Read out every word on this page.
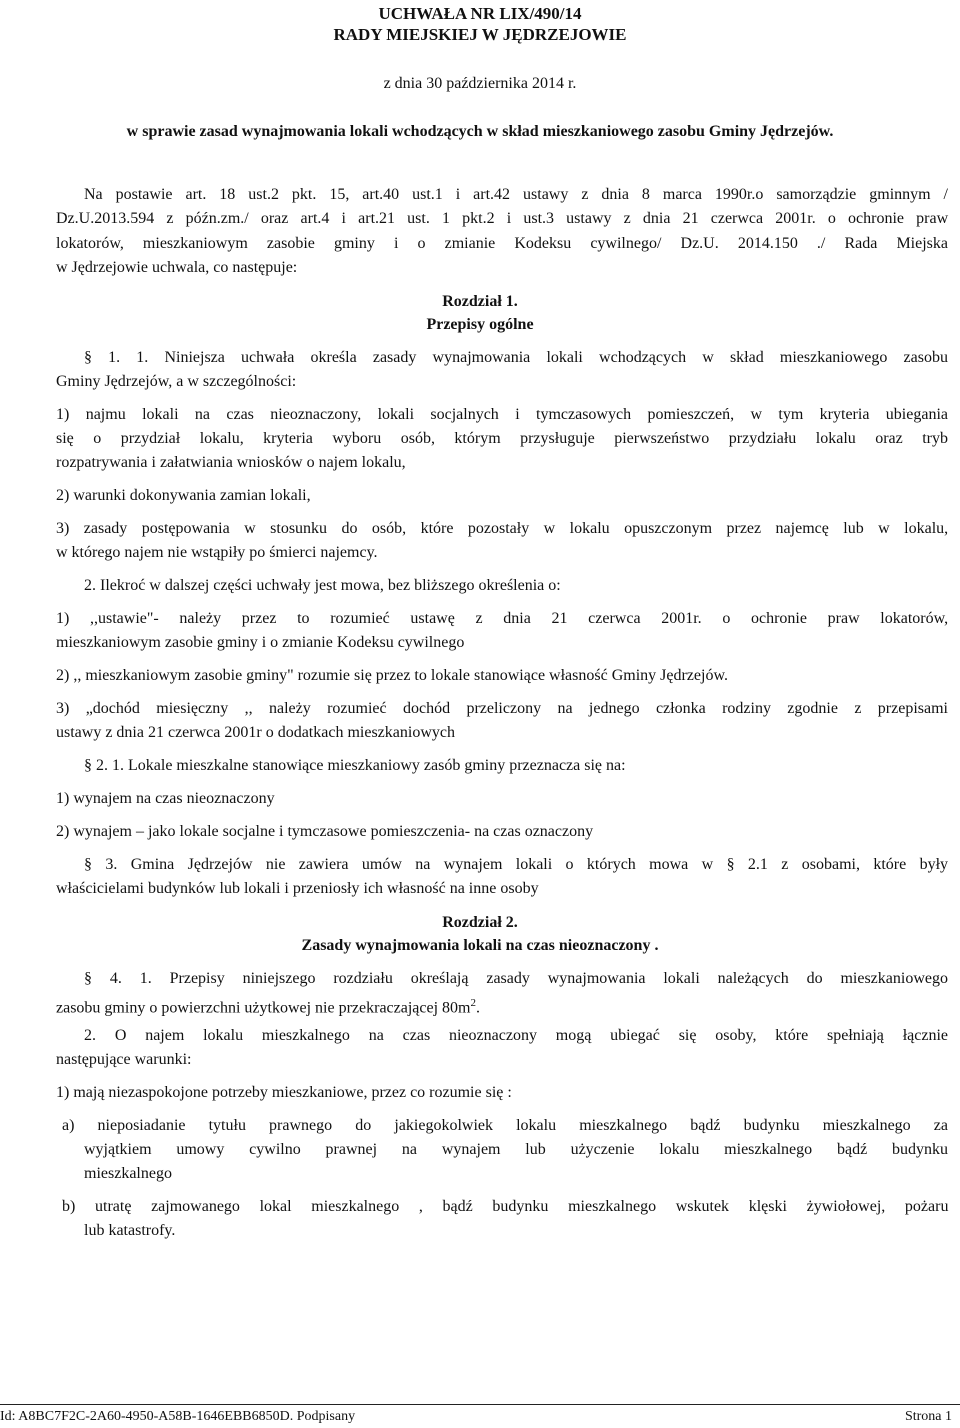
UCHWAŁA NR LIX/490/14
RADY MIEJSKIEJ W JĘDRZEJOWIE
z dnia 30 października 2014 r.
w sprawie zasad wynajmowania lokali wchodzących w skład mieszkaniowego zasobu Gminy Jędrzejów.
Na postawie art. 18 ust.2 pkt. 15, art.40 ust.1 i art.42 ustawy z dnia 8 marca 1990r.o samorządzie gminnym /
Dz.U.2013.594 z późn.zm./ oraz art.4 i art.21 ust. 1 pkt.2 i ust.3 ustawy z dnia 21 czerwca 2001r. o ochronie praw
lokatorów, mieszkaniowym zasobie gminy i o zmianie Kodeksu cywilnego/ Dz.U. 2014.150 ./ Rada Miejska
w Jędrzejowie uchwala, co następuje:
Rozdział 1.
Przepisy ogólne
§ 1. 1. Niniejsza uchwała określa zasady wynajmowania lokali wchodzących w skład mieszkaniowego zasobu
Gminy Jędrzejów, a w szczególności:
1) najmu lokali na czas nieoznaczony, lokali socjalnych i tymczasowych pomieszczeń, w tym kryteria ubiegania
się o przydział lokalu, kryteria wyboru osób, którym przysługuje pierwszeństwo przydziału lokalu oraz tryb
rozpatrywania i załatwiania wniosków o najem lokalu,
2) warunki dokonywania zamian lokali,
3) zasady postępowania w stosunku do osób, które pozostały w lokalu opuszczonym przez najemcę lub w lokalu,
w którego najem nie wstąpiły po śmierci najemcy.
2. Ilekroć w dalszej części uchwały jest mowa, bez bliższego określenia o:
1) ,,ustawie"- należy przez to rozumieć ustawę z dnia 21 czerwca 2001r. o ochronie praw lokatorów,
mieszkaniowym zasobie gminy i o zmianie Kodeksu cywilnego
2) ,, mieszkaniowym zasobie gminy" rozumie się przez to lokale stanowiące własność Gminy Jędrzejów.
3) „dochód miesięczny ,, należy rozumieć dochód przeliczony na jednego członka rodziny zgodnie z przepisami
ustawy z dnia 21 czerwca 2001r o dodatkach mieszkaniowych
§ 2. 1. Lokale mieszkalne stanowiące mieszkaniowy zasób gminy przeznacza się na:
1) wynajem na czas nieoznaczony
2) wynajem – jako lokale socjalne i tymczasowe pomieszczenia- na czas oznaczony
§ 3. Gmina Jędrzejów nie zawiera umów na wynajem lokali o których mowa w § 2.1 z osobami, które były
właścicielami budynków lub lokali i przeniosły ich własność na inne osoby
Rozdział 2.
Zasady wynajmowania lokali na czas nieoznaczony .
§ 4. 1. Przepisy niniejszego rozdziału określają zasady wynajmowania lokali należących do mieszkaniowego
zasobu gminy o powierzchni użytkowej nie przekraczającej $80m^2$.
2. O najem lokalu mieszkalnego na czas nieoznaczony mogą ubiegać się osoby, które spełniają łącznie
następujące warunki:
1) mają niezaspokojone potrzeby mieszkaniowe, przez co rozumie się :
a) nieposiadanie tytułu prawnego do jakiegokolwiek lokalu mieszkalnego bądź budynku mieszkalnego za
wyjątkiem umowy cywilno prawnej na wynajem lub użyczenie lokalu mieszkalnego bądź budynku
mieszkalnego
b) utratę zajmowanego lokal mieszkalnego , bądź budynku mieszkalnego wskutek klęski żywiołowej, pożaru
lub katastrofy.
Id: A8BC7F2C-2A60-4950-A58B-1646EBB6850D. Podpisany	Strona 1
